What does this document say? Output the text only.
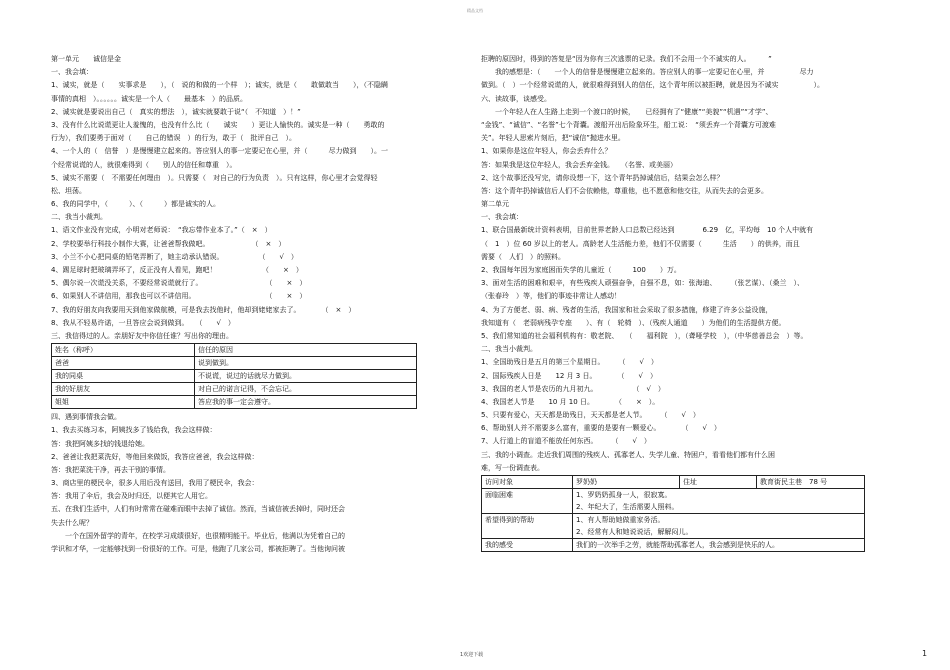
精品文档
第一单元　　诚信是金
一、我会填：
1、诚实，就是（　　实事求是　　），（　说的和做的一个样　）；诚实，就是（　　敢做敢当　　），（不隐瞒
事情的真相　）。。。。。。诚实是一个人（　　最基本　）的品质。
2、诚实就是要说出自己（　真实的想法　），诚实就要敢于说“（　不知道　）！”
3、没有什么比说谎更让人羞愧的，也没有什么比（　　诚实　　）更让人愉快的。诚实是一种（　　勇敢的
行为），我们要勇于面对（　　自己的错误　）的行为，敢于（　批评自己　）。
4、一个人的（　信誉　）是慢慢建立起来的。答应别人的事一定要记在心里，并（　　　尽力做到　　）。一
个经常说谎的人，就很难得到（　　别人的信任和尊重　）。
5、诚实不需要（　不需要任何理由　）。只需要（　对自己的行为负责　）。只有这样，你心里才会觉得轻
松、坦荡。
6、我的同学中，（　　　）、（　　　）都是诚实的人。
二、我当小裁判。
1、语文作业没有完成，小明对老师说：　“我忘带作业本了。”（　×　）
2、学校要举行科技小制作大赛，让爸爸帮我做吧。　　　　　　　（　×　）
3、小兰不小心把同桌的铅笔弄断了，她主动承认错误。　　　　　　（　　√　）
4、踢足球时把玻璃弄坏了，反正没有人看见，跑吧！　　　　　　　（　　×　）
5、偶尔说一次谎没关系，不要经常说谎就行了。　　　　　　　　　　（　　×　）
6、如果别人不讲信用，那我也可以不讲信用。　　　　　　　　　　　（　　×　）
7、我的好朋友向我要用天到他家做航模，可是我去找他时，他却到姥姥家去了。　　　　（　×　）
8、我从不轻易许诺，一旦答应会说到做到。　　（　　√　）
三、我信得过的人。亲朋好友中你信任谁？写出你的理由。
姓名（称呼）	信任的原因
爸爸	说到做到。
我的同桌	不说谎，说过的话就尽力做到。
我的好朋友	对自己的诺言记得，不会忘记。
姐姐	答应我的事一定会遵守。
四、遇到事情我会做。
1、我去买练习本，阿姨找多了钱给我，我会这样做：
答：我把阿姨多找的钱退给她。
2、爸爸让我把菜洗好，等他回来做饭，我答应爸爸，我会这样做：
答：我把菜洗干净，再去干别的事情。
3、商店里的梗民伞，很多人用后没有送回，我用了梗民伞，我会：
答：我用了伞后，我会及时归还，以便其它人用它。
五、在我们生活中，人们有时常常在碰难而眼中去掉了诚信。然而，当诚信被丢掉时，同时还会
失去什么呢？
一个在国外留学的青年，在校学习成绩很好，也很精明能干。毕业后，他满以为凭着自己的
学识和才华，一定能够找到一份很好的工作。可是，他跑了几家公司，都被拒聘了。当他询问被
拒聘的原因时，得到的答复是“因为你有三次逃票的记录。我们不会用一个不诚实的人。　　　”
我的感想是：（　　一个人的信誉是慢慢建立起来的。答应别人的事一定要记在心里，并　　　　　尽力
做到。（　）一个经常说谎的人，就很难得到别人的信任，这个青年所以被拒聘，就是因为不诚实　　　　　）。
六、读故事，谈感受。
一个年轻人在人生路上走到一个渡口的时候，　　已经拥有了“健康”“美貌”“机遇”“才学”、
“金钱”、“诚信”、“名誉”七个背囊。渡船开出后险象环生，船工说：　“须丢弃一个背囊方可渡难
关”。年轻人思索片刻后，把“诚信”抛进水里。
1、如果你是这位年轻人，你会丢弃什么？
答：如果我是这位年轻人，我会丢弃金钱。　　（名誉、或美丽）
2、这个故事还没写完，请你设想一下，这个青年扔掉诚信后，结果会怎么样？
答：这个青年扔掉诚信后人们不会依赖他，尊重他，也不愿意和他交往，从而失去的会更多。
第二单元
一、我会填：
1、联合国最新统计资料表明，目前世界老龄人口总数已经达到　　　　6.29　亿，平均每　10 个人中就有
（　1　）位 60 岁以上的老人。高龄老人生活能力差，他们不仅需要（　　　生活　　）的供养，而且
需要（　人们　）的照料。
2、我国每年因为家庭困而失学的儿童近（　　　100　　）万。
3、面对生活的困难和艰辛，有些残疾人顽强奋争，自强不息，如：张海迪、　　　（张艺谋）、（桑兰　）、
（张春玲　）等，他们的事迹非常让人感动！
4、为了方便老、弱、病、残者的生活，我国家和社会采取了很多措施，修建了许多公益设施，
我知道有（　老弱病残孕专座　　）、有（　轮椅　）、（残疾人通道　　）为他们的生活提供方便。
5、我们常知道的社会福利机构有：敬老院、　　（　　福利院　），（聋哑学校　），（中华慈善总会　）等。
二、我当小裁判。
1、全国助残日是五月的第三个星期日。　　　（　　√　）
2、国际残疾人日是　　12 月 3 日。　　　　（　　√　）
3、我国的老人节是农历的九月初九。　　　　　　（　√　）
4、我国老人节是　　10 月 10 日。　　　　（　　×　）。
5、只要有爱心，天天都是助残日，天天都是老人节。　　　（　　√　）
6、帮助别人并不需要多么富有，重要的是要有一颗爱心。　　　　（　　√　）
7、人行道上的盲道不能放任何东西。　　　（　　√　）
三、我的小调查。走近我们周围的残疾人、孤寡老人、失学儿童、特困户，看看他们都有什么困
难，写一份调查表。
访问对象	罗奶奶	住址	教育街民主巷　78 号
面临困难	1、罗奶奶孤身一人，很寂寞。
2、年纪大了，生活需要人照料。		

希望得到的帮助	1、有人帮助她做重家务活。
2、经常有人和她说说话，解解闷儿。		

我的感受	我们的一次举手之劳，就能帮助孤寡老人，我会感到是快乐的人。		
1欢迎下载	1
